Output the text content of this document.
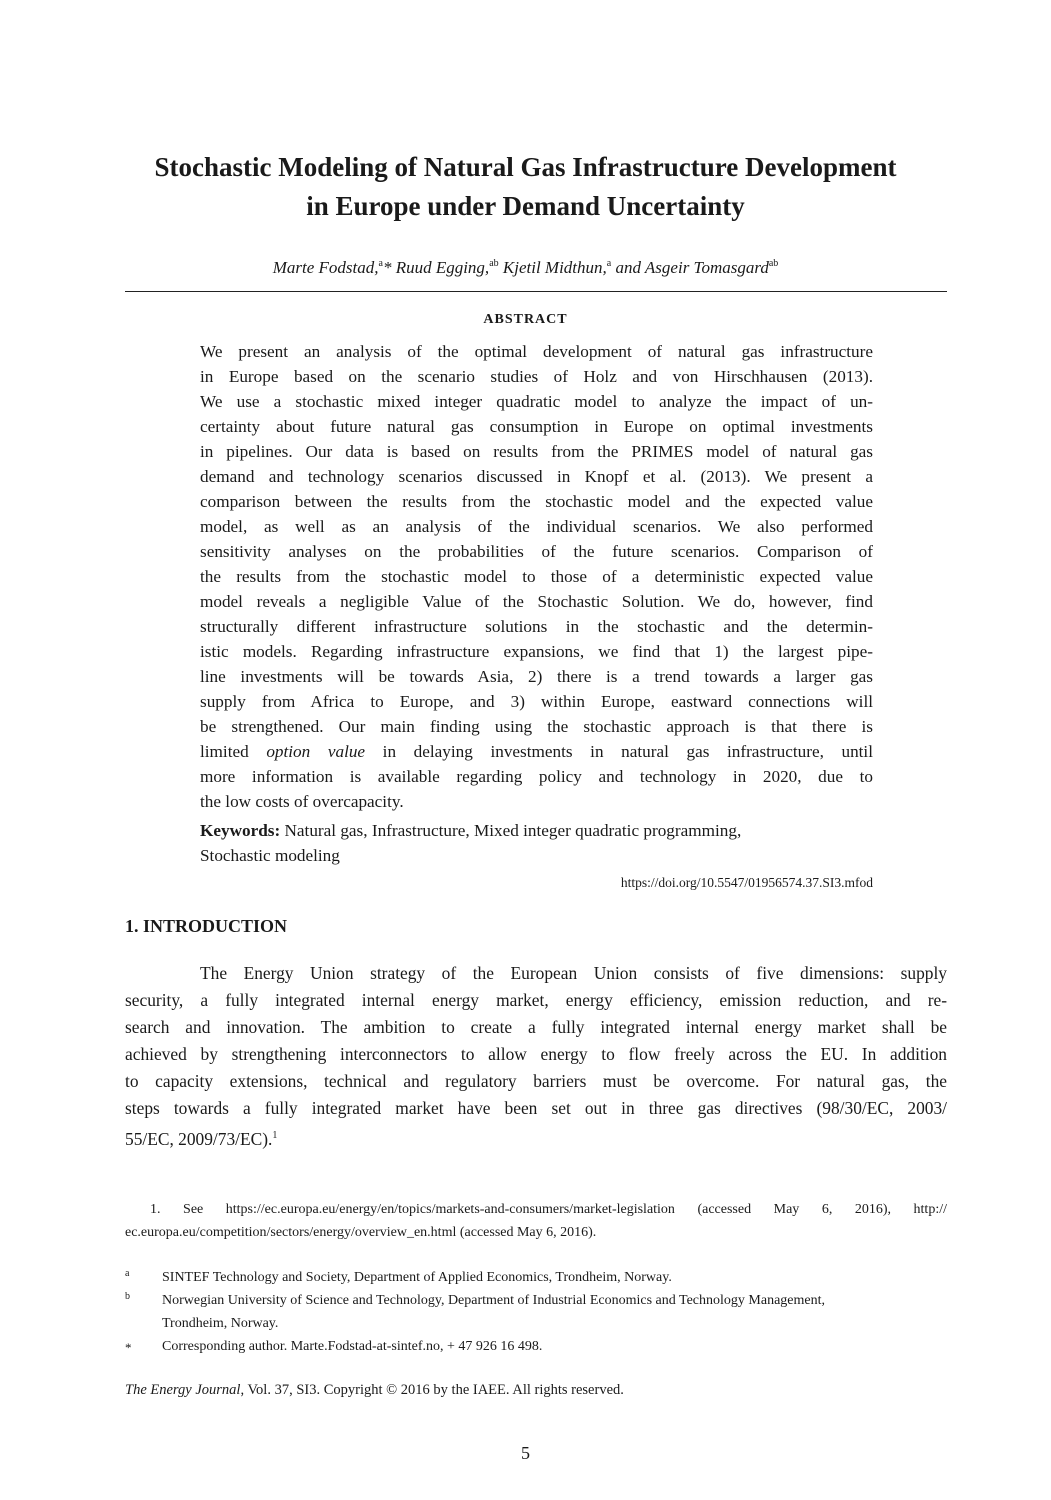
Stochastic Modeling of Natural Gas Infrastructure Development
in Europe under Demand Uncertainty
Marte Fodstad,$^a$* Ruud Egging,$^{ab}$ Kjetil Midthun,$^a$ and Asgeir Tomasgard$^{ab}$
ABSTRACT
We present an analysis of the optimal development of natural gas infrastructure
in Europe based on the scenario studies of Holz and von Hirschhausen (2013).
We use a stochastic mixed integer quadratic model to analyze the impact of un-
certainty about future natural gas consumption in Europe on optimal investments
in pipelines. Our data is based on results from the PRIMES model of natural gas
demand and technology scenarios discussed in Knopf et al. (2013). We present a
comparison between the results from the stochastic model and the expected value
model, as well as an analysis of the individual scenarios. We also performed
sensitivity analyses on the probabilities of the future scenarios. Comparison of
the results from the stochastic model to those of a deterministic expected value
model reveals a negligible Value of the Stochastic Solution. We do, however, find
structurally different infrastructure solutions in the stochastic and the determin-
istic models. Regarding infrastructure expansions, we find that 1) the largest pipe-
line investments will be towards Asia, 2) there is a trend towards a larger gas
supply from Africa to Europe, and 3) within Europe, eastward connections will
be strengthened. Our main finding using the stochastic approach is that there is
limited option value in delaying investments in natural gas infrastructure, until
more information is available regarding policy and technology in 2020, due to
the low costs of overcapacity.
Keywords: Natural gas, Infrastructure, Mixed integer quadratic programming,
Stochastic modeling
https://doi.org/10.5547/01956574.37.SI3.mfod
1. INTRODUCTION
The Energy Union strategy of the European Union consists of five dimensions: supply
security, a fully integrated internal energy market, energy efficiency, emission reduction, and re-
search and innovation. The ambition to create a fully integrated internal energy market shall be
achieved by strengthening interconnectors to allow energy to flow freely across the EU. In addition
to capacity extensions, technical and regulatory barriers must be overcome. For natural gas, the
steps towards a fully integrated market have been set out in three gas directives (98/30/EC, 2003/
55/EC, 2009/73/EC).$^1$
1. See https://ec.europa.eu/energy/en/topics/markets-and-consumers/market-legislation (accessed May 6, 2016), http://
ec.europa.eu/competition/sectors/energy/overview_en.html (accessed May 6, 2016).
a SINTEF Technology and Society, Department of Applied Economics, Trondheim, Norway.
b Norwegian University of Science and Technology, Department of Industrial Economics and Technology Management,
Trondheim, Norway.
* Corresponding author. Marte.Fodstad-at-sintef.no, + 47 926 16 498.
The Energy Journal, Vol. 37, SI3. Copyright © 2016 by the IAEE. All rights reserved.
5
